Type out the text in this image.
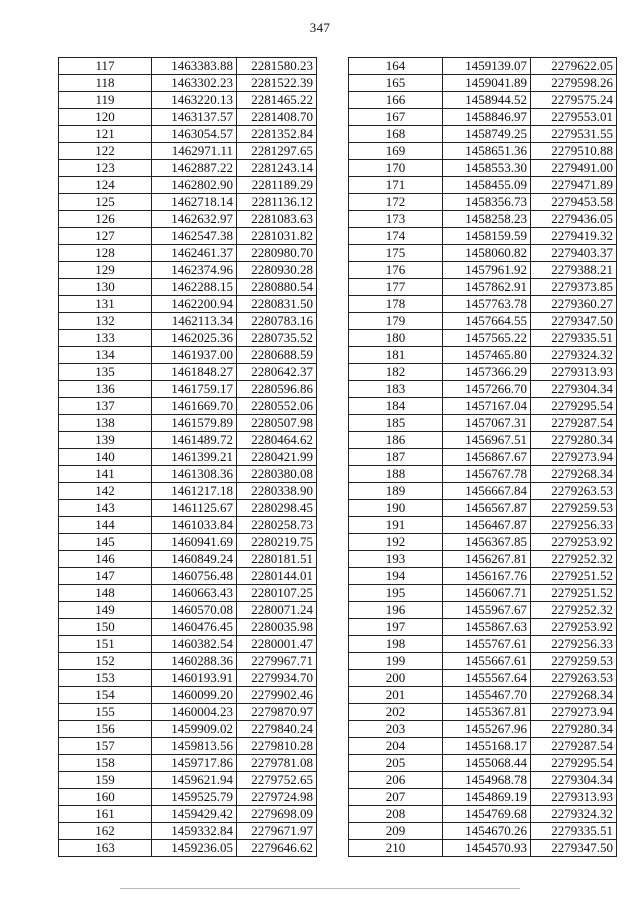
347
117	1463383.88	2281580.23
118	1463302.23	2281522.39
119	1463220.13	2281465.22
120	1463137.57	2281408.70
121	1463054.57	2281352.84
122	1462971.11	2281297.65
123	1462887.22	2281243.14
124	1462802.90	2281189.29
125	1462718.14	2281136.12
126	1462632.97	2281083.63
127	1462547.38	2281031.82
128	1462461.37	2280980.70
129	1462374.96	2280930.28
130	1462288.15	2280880.54
131	1462200.94	2280831.50
132	1462113.34	2280783.16
133	1462025.36	2280735.52
134	1461937.00	2280688.59
135	1461848.27	2280642.37
136	1461759.17	2280596.86
137	1461669.70	2280552.06
138	1461579.89	2280507.98
139	1461489.72	2280464.62
140	1461399.21	2280421.99
141	1461308.36	2280380.08
142	1461217.18	2280338.90
143	1461125.67	2280298.45
144	1461033.84	2280258.73
145	1460941.69	2280219.75
146	1460849.24	2280181.51
147	1460756.48	2280144.01
148	1460663.43	2280107.25
149	1460570.08	2280071.24
150	1460476.45	2280035.98
151	1460382.54	2280001.47
152	1460288.36	2279967.71
153	1460193.91	2279934.70
154	1460099.20	2279902.46
155	1460004.23	2279870.97
156	1459909.02	2279840.24
157	1459813.56	2279810.28
158	1459717.86	2279781.08
159	1459621.94	2279752.65
160	1459525.79	2279724.98
161	1459429.42	2279698.09
162	1459332.84	2279671.97
163	1459236.05	2279646.62
164	1459139.07	2279622.05
165	1459041.89	2279598.26
166	1458944.52	2279575.24
167	1458846.97	2279553.01
168	1458749.25	2279531.55
169	1458651.36	2279510.88
170	1458553.30	2279491.00
171	1458455.09	2279471.89
172	1458356.73	2279453.58
173	1458258.23	2279436.05
174	1458159.59	2279419.32
175	1458060.82	2279403.37
176	1457961.92	2279388.21
177	1457862.91	2279373.85
178	1457763.78	2279360.27
179	1457664.55	2279347.50
180	1457565.22	2279335.51
181	1457465.80	2279324.32
182	1457366.29	2279313.93
183	1457266.70	2279304.34
184	1457167.04	2279295.54
185	1457067.31	2279287.54
186	1456967.51	2279280.34
187	1456867.67	2279273.94
188	1456767.78	2279268.34
189	1456667.84	2279263.53
190	1456567.87	2279259.53
191	1456467.87	2279256.33
192	1456367.85	2279253.92
193	1456267.81	2279252.32
194	1456167.76	2279251.52
195	1456067.71	2279251.52
196	1455967.67	2279252.32
197	1455867.63	2279253.92
198	1455767.61	2279256.33
199	1455667.61	2279259.53
200	1455567.64	2279263.53
201	1455467.70	2279268.34
202	1455367.81	2279273.94
203	1455267.96	2279280.34
204	1455168.17	2279287.54
205	1455068.44	2279295.54
206	1454968.78	2279304.34
207	1454869.19	2279313.93
208	1454769.68	2279324.32
209	1454670.26	2279335.51
210	1454570.93	2279347.50
